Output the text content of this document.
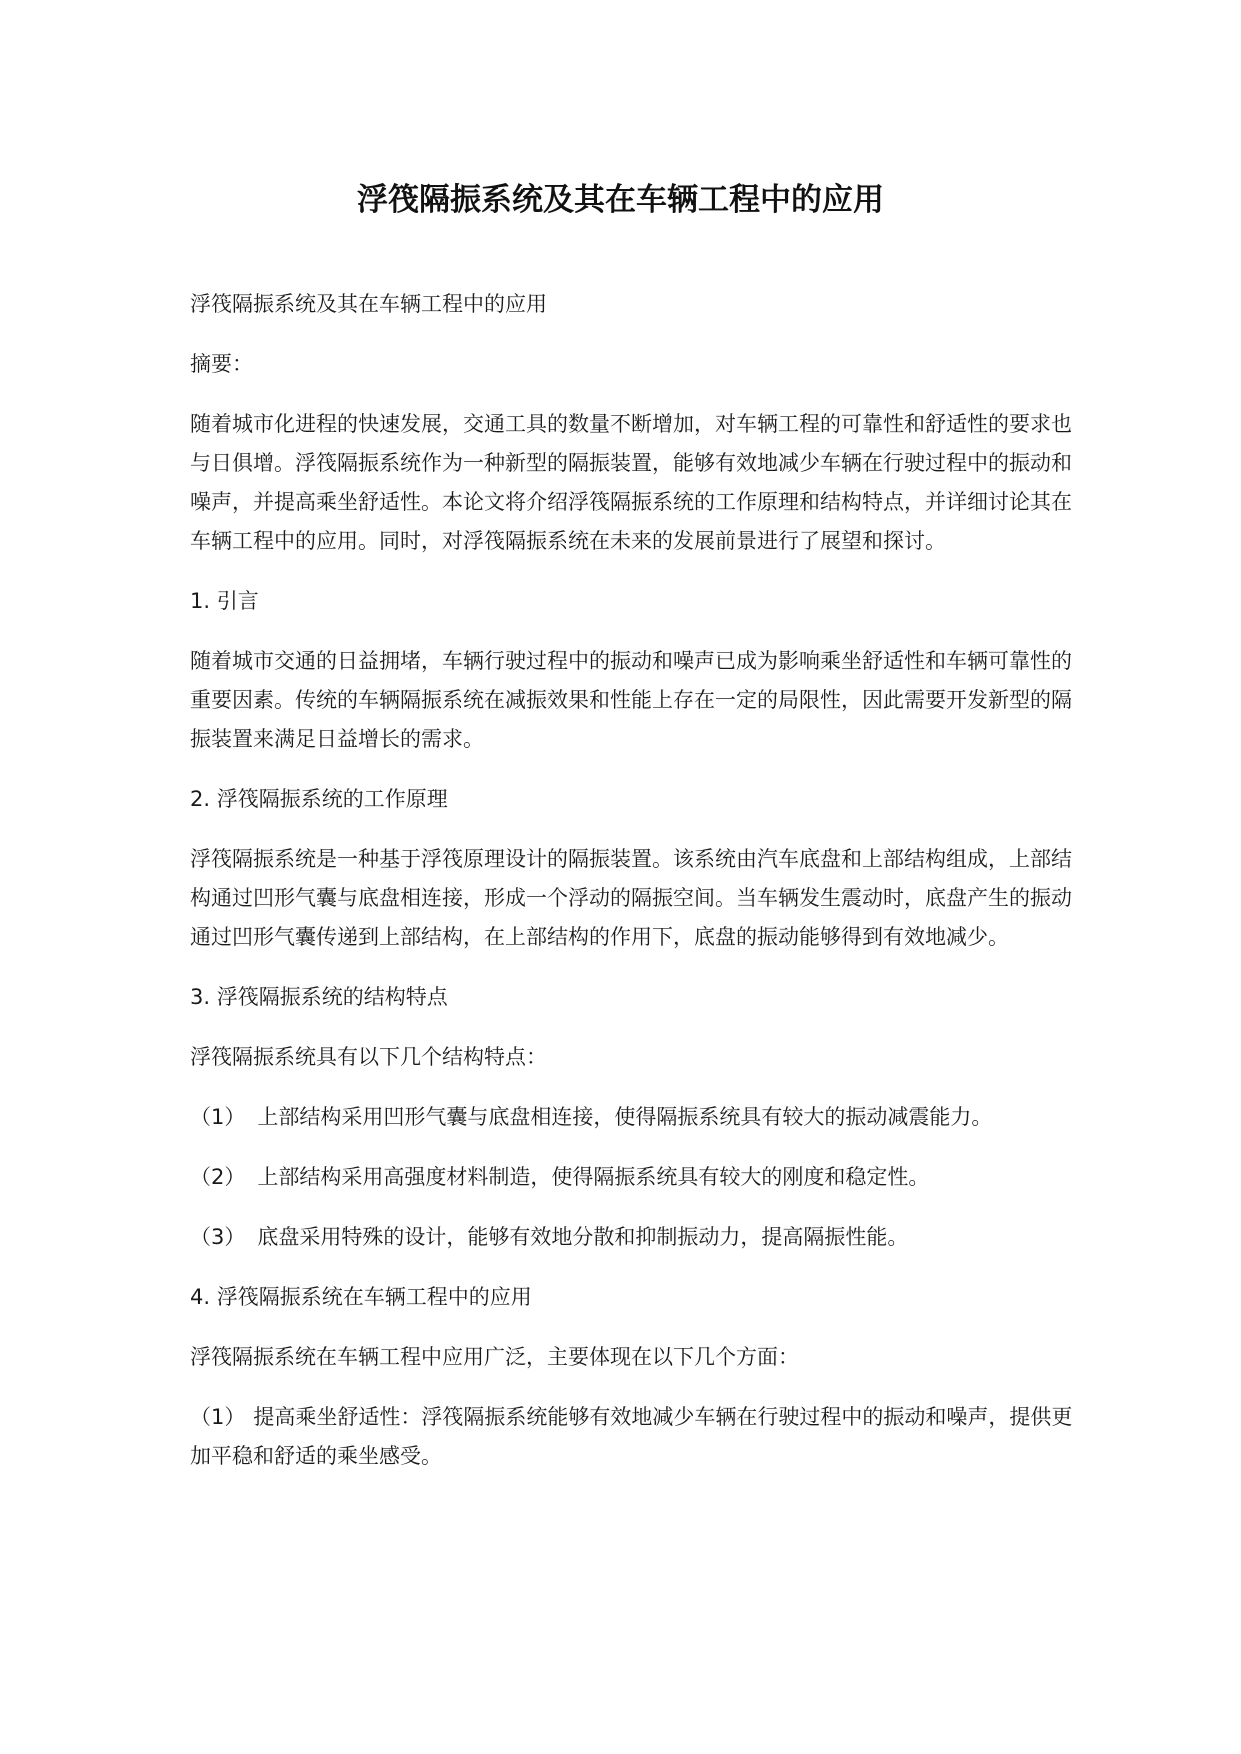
浮筏隔振系统及其在车辆工程中的应用

浮筏隔振系统及其在车辆工程中的应用

摘要：

随着城市化进程的快速发展，交通工具的数量不断增加，对车辆工程的可靠性和舒适性的要求也与日俱增。浮筏隔振系统作为一种新型的隔振装置，能够有效地减少车辆在行驶过程中的振动和噪声，并提高乘坐舒适性。本论文将介绍浮筏隔振系统的工作原理和结构特点，并详细讨论其在车辆工程中的应用。同时，对浮筏隔振系统在未来的发展前景进行了展望和探讨。

1. 引言

随着城市交通的日益拥堵，车辆行驶过程中的振动和噪声已成为影响乘坐舒适性和车辆可靠性的重要因素。传统的车辆隔振系统在减振效果和性能上存在一定的局限性，因此需要开发新型的隔振装置来满足日益增长的需求。

2. 浮筏隔振系统的工作原理

浮筏隔振系统是一种基于浮筏原理设计的隔振装置。该系统由汽车底盘和上部结构组成，上部结构通过凹形气囊与底盘相连接，形成一个浮动的隔振空间。当车辆发生震动时，底盘产生的振动通过凹形气囊传递到上部结构，在上部结构的作用下，底盘的振动能够得到有效地减少。

3. 浮筏隔振系统的结构特点

浮筏隔振系统具有以下几个结构特点：

（1） 上部结构采用凹形气囊与底盘相连接，使得隔振系统具有较大的振动减震能力。

（2） 上部结构采用高强度材料制造，使得隔振系统具有较大的刚度和稳定性。

（3） 底盘采用特殊的设计，能够有效地分散和抑制振动力，提高隔振性能。

4. 浮筏隔振系统在车辆工程中的应用

浮筏隔振系统在车辆工程中应用广泛，主要体现在以下几个方面：

（1） 提高乘坐舒适性：浮筏隔振系统能够有效地减少车辆在行驶过程中的振动和噪声，提供更加平稳和舒适的乘坐感受。
